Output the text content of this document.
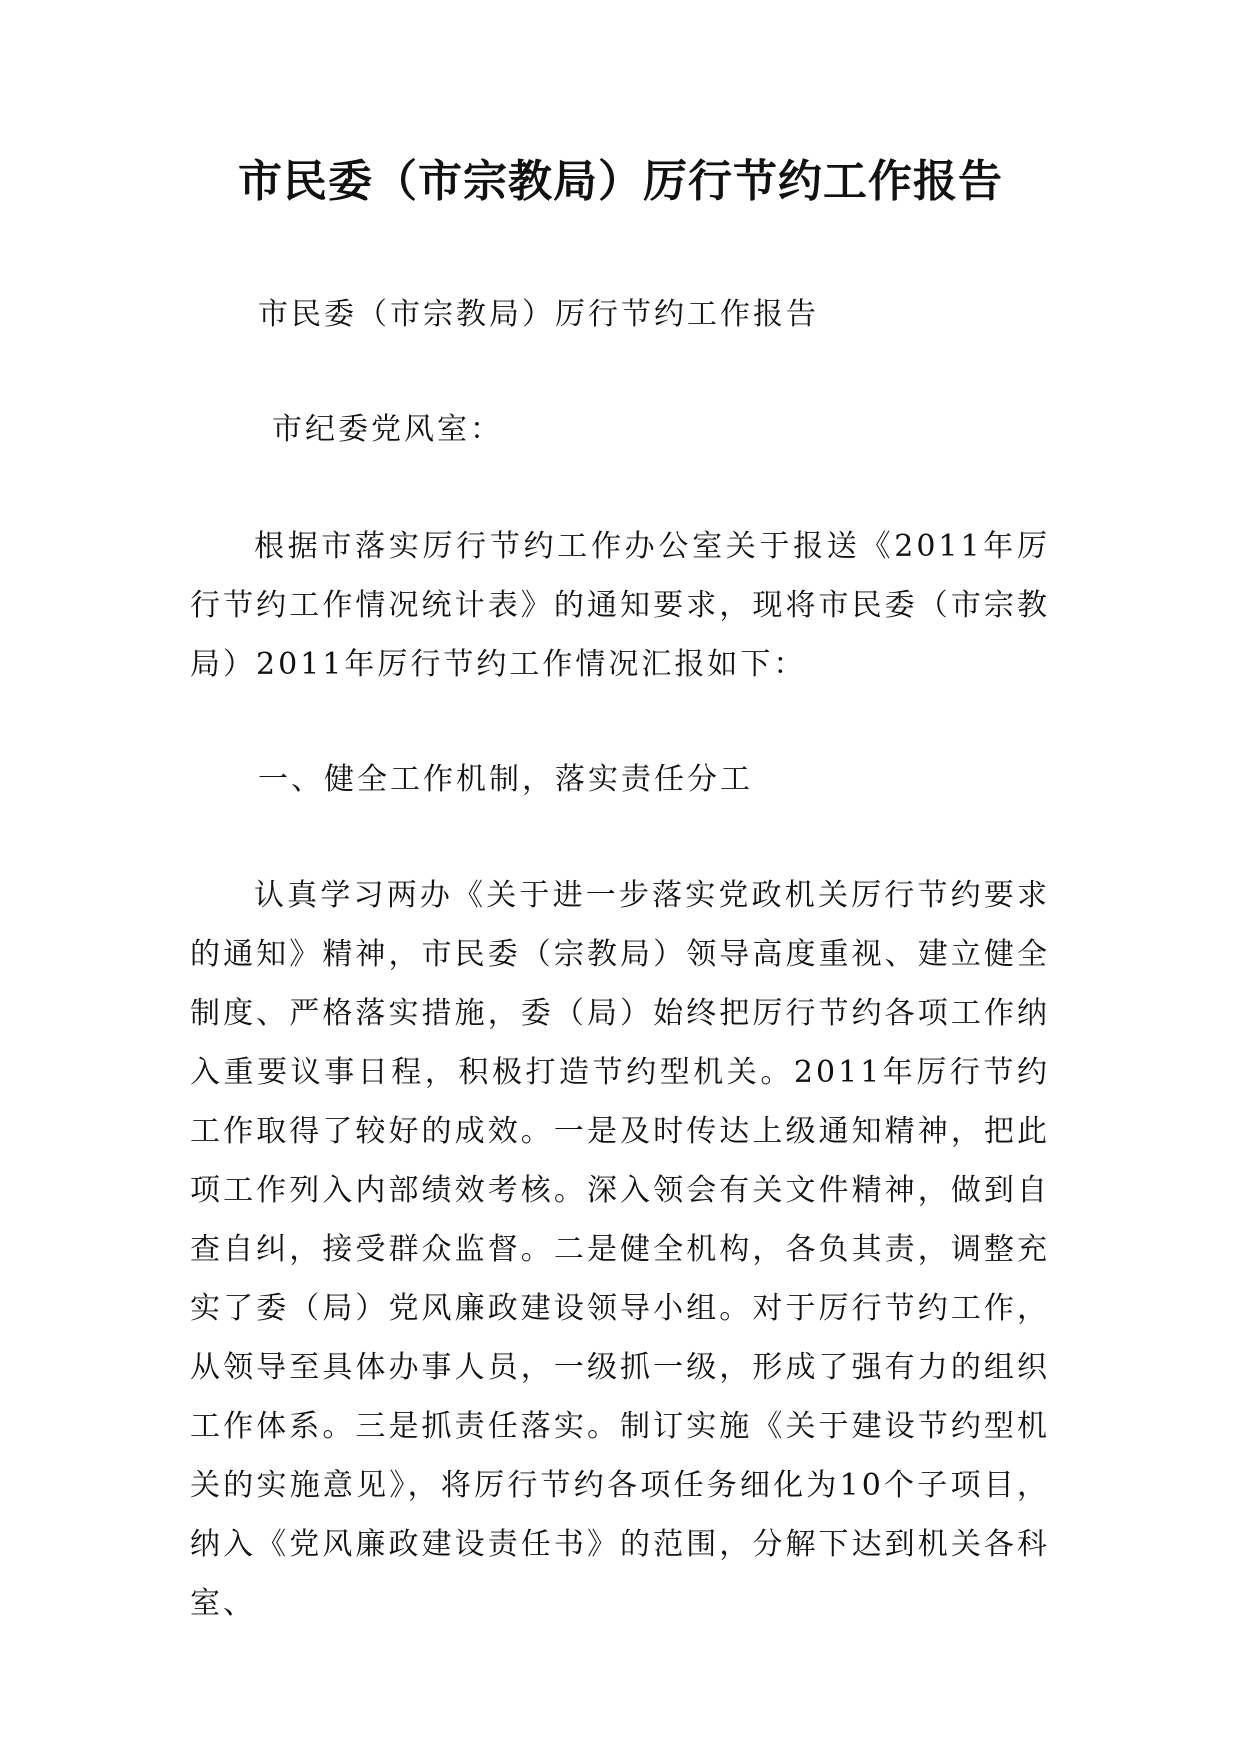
市民委（市宗教局）厉行节约工作报告

市民委（市宗教局）厉行节约工作报告

市纪委党风室：

根据市落实厉行节约工作办公室关于报送《2011年厉行节约工作情况统计表》的通知要求，现将市民委（市宗教局）2011年厉行节约工作情况汇报如下：

一、健全工作机制，落实责任分工

认真学习两办《关于进一步落实党政机关厉行节约要求的通知》精神，市民委（宗教局）领导高度重视、建立健全制度、严格落实措施，委（局）始终把厉行节约各项工作纳入重要议事日程，积极打造节约型机关。2011年厉行节约工作取得了较好的成效。一是及时传达上级通知精神，把此项工作列入内部绩效考核。深入领会有关文件精神，做到自查自纠，接受群众监督。二是健全机构，各负其责，调整充实了委（局）党风廉政建设领导小组。对于厉行节约工作，从领导至具体办事人员，一级抓一级，形成了强有力的组织工作体系。三是抓责任落实。制订实施《关于建设节约型机关的实施意见》，将厉行节约各项任务细化为10个子项目，纳入《党风廉政建设责任书》的范围，分解下达到机关各科室、
